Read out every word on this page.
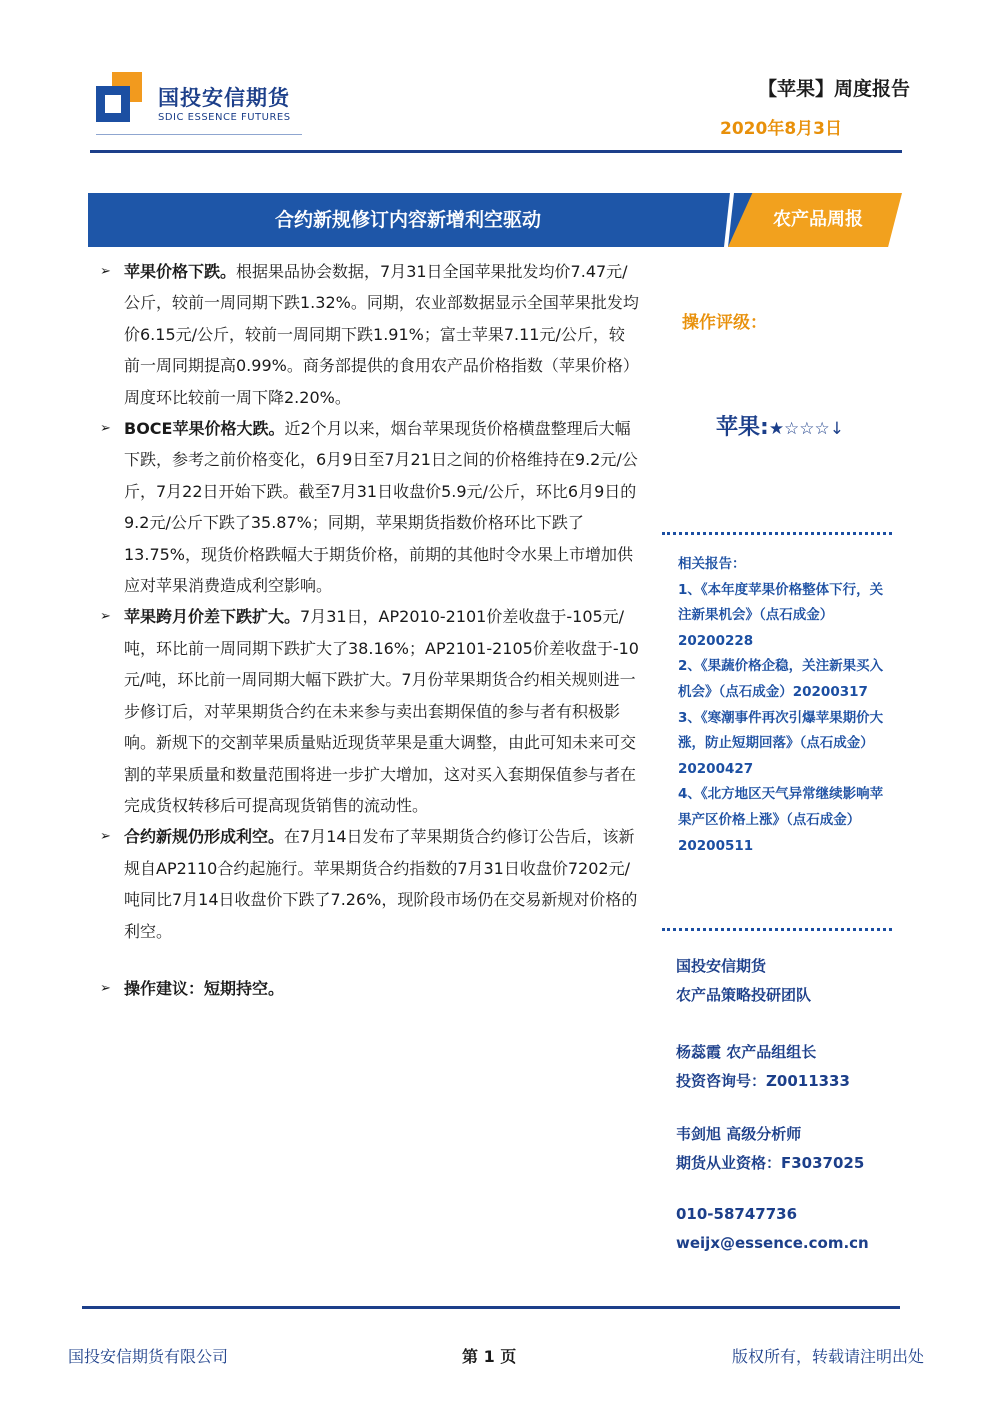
国投安信期货
SDIC ESSENCE FUTURES
【苹果】周度报告
2020年8月3日
合约新规修订内容新增利空驱动	农产品周报
➢ 苹果价格下跌。根据果品协会数据，7月31日全国苹果批发均价7.47元/公斤，较前一周同期下跌1.32%。同期，农业部数据显示全国苹果批发均价6.15元/公斤，较前一周同期下跌1.91%；富士苹果7.11元/公斤，较前一周同期提高0.99%。商务部提供的食用农产品价格指数（苹果价格）周度环比较前一周下降2.20%。
➢ BOCE苹果价格大跌。近2个月以来，烟台苹果现货价格横盘整理后大幅下跌，参考之前价格变化，6月9日至7月21日之间的价格维持在9.2元/公斤，7月22日开始下跌。截至7月31日收盘价5.9元/公斤，环比6月9日的9.2元/公斤下跌了35.87%；同期，苹果期货指数价格环比下跌了13.75%，现货价格跌幅大于期货价格，前期的其他时令水果上市增加供应对苹果消费造成利空影响。
➢ 苹果跨月价差下跌扩大。7月31日，AP2010-2101价差收盘于-105元/吨，环比前一周同期下跌扩大了38.16%；AP2101-2105价差收盘于-10元/吨，环比前一周同期大幅下跌扩大。7月份苹果期货合约相关规则进一步修订后，对苹果期货合约在未来参与卖出套期保值的参与者有积极影响。新规下的交割苹果质量贴近现货苹果是重大调整，由此可知未来可交割的苹果质量和数量范围将进一步扩大增加，这对买入套期保值参与者在完成货权转移后可提高现货销售的流动性。
➢ 合约新规仍形成利空。在7月14日发布了苹果期货合约修订公告后，该新规自AP2110合约起施行。苹果期货合约指数的7月31日收盘价7202元/吨同比7月14日收盘价下跌了7.26%，现阶段市场仍在交易新规对价格的利空。
➢ 操作建议：短期持空。
操作评级：
苹果:★☆☆☆↓
相关报告：
1、《本年度苹果价格整体下行，关注新果机会》（点石成金）20200228
2、《果蔬价格企稳，关注新果买入机会》（点石成金）20200317
3、《寒潮事件再次引爆苹果期价大涨，防止短期回落》（点石成金）20200427
4、《北方地区天气异常继续影响苹果产区价格上涨》（点石成金）20200511
国投安信期货
农产品策略投研团队
杨蕊霞 农产品组组长
投资咨询号：Z0011333
韦剑旭 高级分析师
期货从业资格：F3037025
010-58747736
weijx@essence.com.cn
国投安信期货有限公司	第 1 页	版权所有，转载请注明出处
